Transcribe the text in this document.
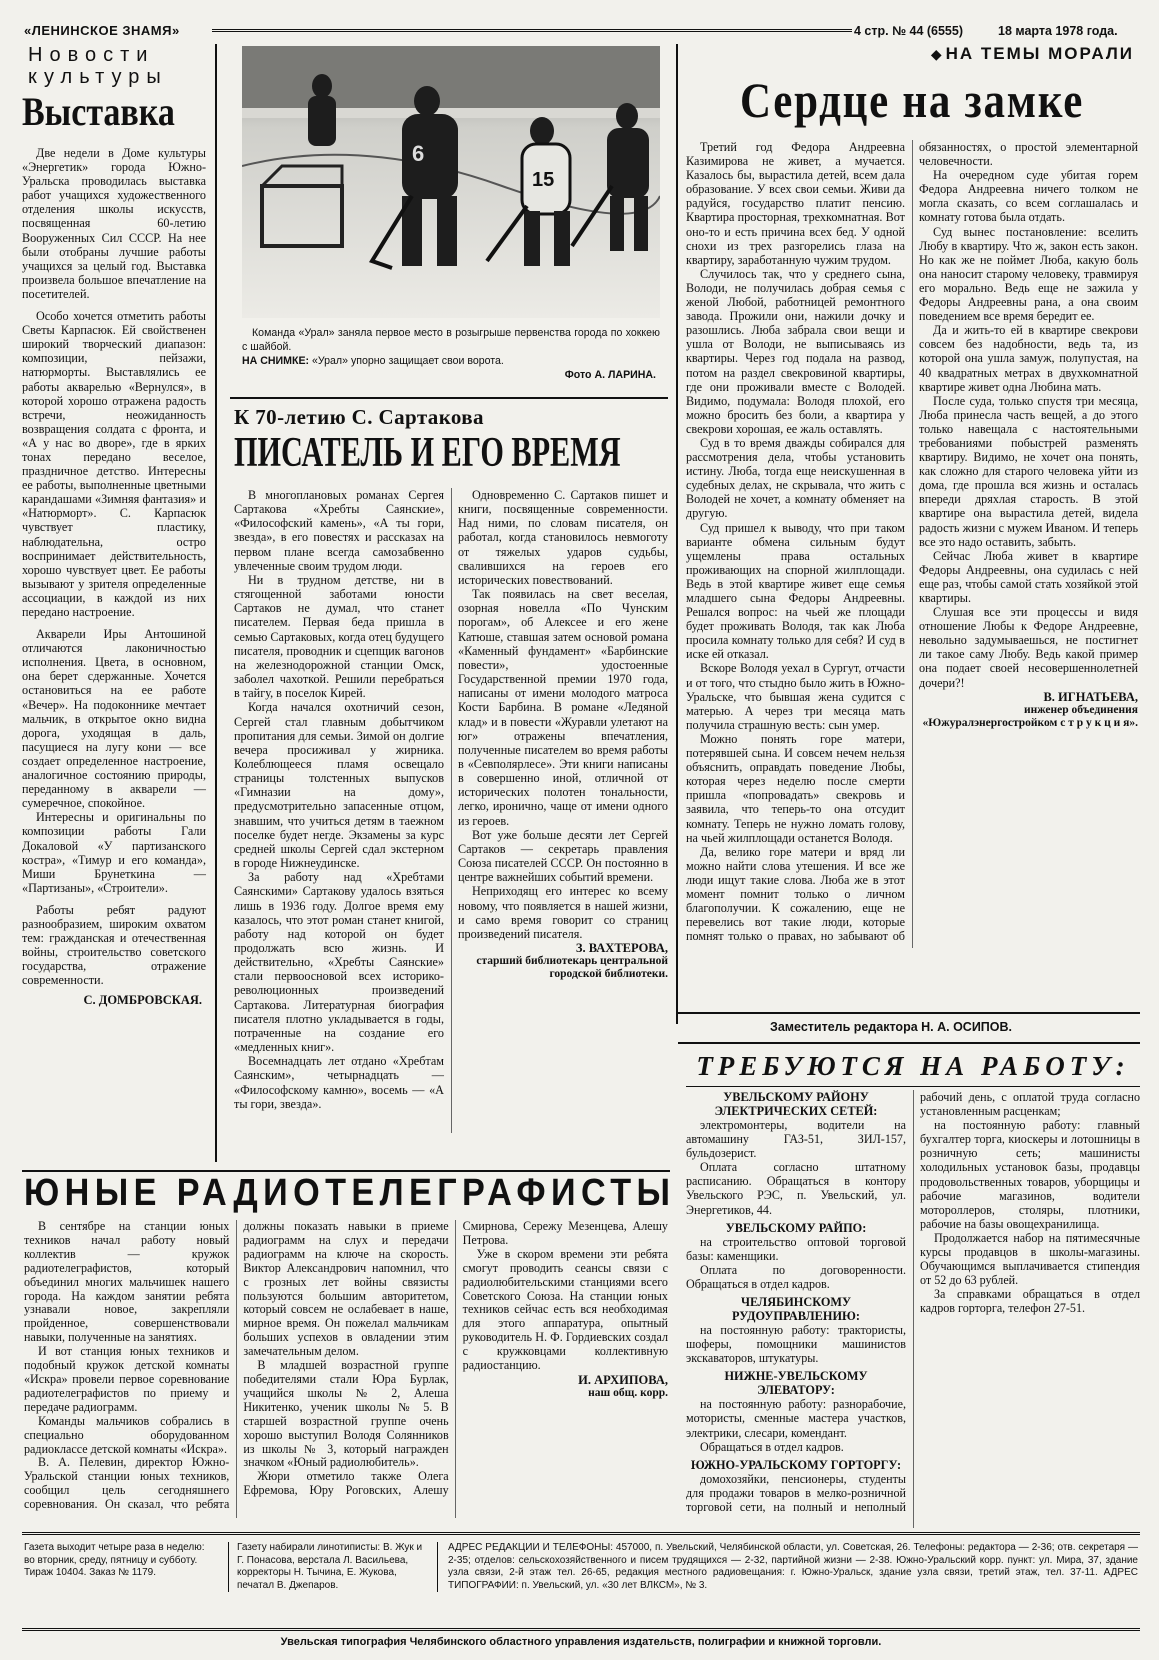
«ЛЕНИНСКОЕ ЗНАМЯ»	4 стр. № 44 (6555)	18 марта 1978 года.
Новости
культуры
Выставка

Две недели в Доме культуры «Энергетик» города Южно-Уральска проводилась выставка работ учащихся художественного отделения школы искусств, посвященная 60-летию Вооруженных Сил СССР. На нее были отобраны лучшие работы учащихся за целый год. Выставка произвела большое впечатление на посетителей.

Особо хочется отметить работы Светы Карпасюк. Ей свойственен широкий творческий диапазон: композиции, пейзажи, натюрморты. Выставлялись ее работы акварелью «Вернулся», в которой хорошо отражена радость встречи, неожиданность возвращения солдата с фронта, и «А у нас во дворе», где в ярких тонах передано веселое, праздничное детство. Интересны ее работы, выполненные цветными карандашами «Зимняя фантазия» и «Натюрморт». С. Карпасюк чувствует пластику, наблюдательна, остро воспринимает действительность, хорошо чувствует цвет. Ее работы вызывают у зрителя определенные ассоциации, в каждой из них передано настроение.

Акварели Иры Антошиной отличаются лаконичностью исполнения. Цвета, в основном, она берет сдержанные. Хочется остановиться на ее работе «Вечер». На подоконнике мечтает мальчик, в открытое окно видна дорога, уходящая в даль, пасущиеся на лугу кони — все создает определенное настроение, аналогичное состоянию природы, переданному в акварели — сумеречное, спокойное.

Интересны и оригинальны по композиции работы Гали Докаловой «У партизанского костра», «Тимур и его команда», Миши Брунеткина — «Партизаны», «Строители».

Работы ребят радуют разнообразием, широким охватом тем: гражданская и отечественная войны, строительство советского государства, отражение современности.

С. ДОМБРОВСКАЯ.
6
15

Команда «Урал» заняла первое место в розыгрыше первенства города по хоккею с шайбой.

НА СНИМКЕ: «Урал» упорно защищает свои ворота.

Фото А. ЛАРИНА.

К 70-летию С. Сартакова
ПИСАТЕЛЬ И ЕГО ВРЕМЯ

В многоплановых романах Сергея Сартакова «Хребты Саянские», «Философский камень», «А ты гори, звезда», в его повестях и рассказах на первом плане всегда самозабвенно увлеченные своим трудом люди.

Ни в трудном детстве, ни в стягощенной заботами юности Сартаков не думал, что станет писателем. Первая беда пришла в семью Сартаковых, когда отец будущего писателя, проводник и сцепщик вагонов на железнодорожной станции Омск, заболел чахоткой. Решили перебраться в тайгу, в поселок Кирей.

Когда начался охотничий сезон, Сергей стал главным добытчиком пропитания для семьи. Зимой он долгие вечера просиживал у жирника. Колеблющееся пламя освещало страницы толстенных выпусков «Гимназии на дому», предусмотрительно запасенные отцом, знавшим, что учиться детям в таежном поселке будет негде. Экзамены за курс средней школы Сергей сдал экстерном в городе Нижнеудинске.

За работу над «Хребтами Саянскими» Сартакову удалось взяться лишь в 1936 году. Долгое время ему казалось, что этот роман станет книгой, работу над которой он будет продолжать всю жизнь. И действительно, «Хребты Саянские» стали первоосновой всех историко-революционных произведений Сартакова. Литературная биография писателя плотно укладывается в годы, потраченные на создание его «медленных книг».

Восемнадцать лет отдано «Хребтам Саянским», четырнадцать — «Философскому камню», восемь — «А ты гори, звезда».

Одновременно С. Сартаков пишет и книги, посвященные современности. Над ними, по словам писателя, он работал, когда становилось невмоготу от тяжелых ударов судьбы, свалившихся на героев его исторических повествований.

Так появилась на свет веселая, озорная новелла «По Чунским порогам», об Алексее и его жене Катюше, ставшая затем основой романа «Каменный фундамент» «Барбинские повести», удостоенные Государственной премии 1970 года, написаны от имени молодого матроса Кости Барбина. В романе «Ледяной клад» и в повести «Журавли улетают на юг» отражены впечатления, полученные писателем во время работы в «Севполярлесе». Эти книги написаны в совершенно иной, отличной от исторических полотен тональности, легко, иронично, чаще от имени одного из героев.

Вот уже больше десяти лет Сергей Сартаков — секретарь правления Союза писателей СССР. Он постоянно в центре важнейших событий времени.

Неприходящ его интерес ко всему новому, что появляется в нашей жизни, и само время говорит со страниц произведений писателя.

З. ВАХТЕРОВА,
старший библиотекарь центральной городской библиотеки.
◆ НА ТЕМЫ МОРАЛИ
Сердце на замке

Третий год Федора Андреевна Казимирова не живет, а мучается. Казалось бы, вырастила детей, всем дала образование. У всех свои семьи. Живи да радуйся, государство платит пенсию. Квартира просторная, трехкомнатная. Вот оно-то и есть причина всех бед. У одной снохи из трех разгорелись глаза на квартиру, заработанную чужим трудом.

Случилось так, что у среднего сына, Володи, не получилась добрая семья с женой Любой, работницей ремонтного завода. Прожили они, нажили дочку и разошлись. Люба забрала свои вещи и ушла от Володи, не выписываясь из квартиры. Через год подала на развод, потом на раздел свекровиной квартиры, где они проживали вместе с Володей. Видимо, подумала: Володя плохой, его можно бросить без боли, а квартира у свекрови хорошая, ее жаль оставлять.

Суд в то время дважды собирался для рассмотрения дела, чтобы установить истину. Люба, тогда еще неискушенная в судебных делах, не скрывала, что жить с Володей не хочет, а комнату обменяет на другую.

Суд пришел к выводу, что при таком варианте обмена сильным будут ущемлены права остальных проживающих на спорной жилплощади. Ведь в этой квартире живет еще семья младшего сына Федоры Андреевны. Решался вопрос: на чьей же площади будет проживать Володя, так как Люба просила комнату только для себя? И суд в иске ей отказал.

Вскоре Володя уехал в Сургут, отчасти и от того, что стыдно было жить в Южно-Уральске, что бывшая жена судится с матерью. А через три месяца мать получила страшную весть: сын умер.

Можно понять горе матери, потерявшей сына. И совсем нечем нельзя объяснить, оправдать поведение Любы, которая через неделю после смерти пришла «попровадать» свекровь и заявила, что теперь-то она отсудит комнату. Теперь не нужно ломать голову, на чьей жилплощади останется Володя.

Да, велико горе матери и вряд ли можно найти слова утешения. И все же люди ищут такие слова. Люба же в этот момент помнит только о личном благополучии. К сожалению, еще не перевелись вот такие люди, которые помнят только о правах, но забывают об обязанностях, о простой элементарной человечности.

На очередном суде убитая горем Федора Андреевна ничего толком не могла сказать, со всем соглашалась и комнату готова была отдать.

Суд вынес постановление: вселить Любу в квартиру. Что ж, закон есть закон. Но как же не поймет Люба, какую боль она наносит старому человеку, травмируя его морально. Ведь еще не зажила у Федоры Андреевны рана, а она своим поведением все время бередит ее.

Да и жить-то ей в квартире свекрови совсем без надобности, ведь та, из которой она ушла замуж, полупустая, на 40 квадратных метрах в двухкомнатной квартире живет одна Любина мать.

После суда, только спустя три месяца, Люба принесла часть вещей, а до этого только навещала с настоятельными требованиями побыстрей разменять квартиру. Видимо, не хочет она понять, как сложно для старого человека уйти из дома, где прошла вся жизнь и осталась впереди дряхлая старость. В этой квартире она вырастила детей, видела радость жизни с мужем Иваном. И теперь все это надо оставить, забыть.

Сейчас Люба живет в квартире Федоры Андреевны, она судилась с ней еще раз, чтобы самой стать хозяйкой этой квартиры.

Слушая все эти процессы и видя отношение Любы к Федоре Андреевне, невольно задумываешься, не постигнет ли такое саму Любу. Ведь какой пример она подает своей несовершеннолетней дочери?!

В. ИГНАТЬЕВА,
инженер объединения «Южуралэнергостройком с т р у к ц и я».
Заместитель редактора Н. А. ОСИПОВ.
ТРЕБУЮТСЯ НА РАБОТУ:
УВЕЛЬСКОМУ РАЙОНУ ЭЛЕКТРИЧЕСКИХ СЕТЕЙ:

электромонтеры, водители на автомашину ГАЗ-51, ЗИЛ-157, бульдозерист.

Оплата согласно штатному расписанию. Обращаться в контору Увельского РЭС, п. Увельский, ул. Энергетиков, 44.

УВЕЛЬСКОМУ РАЙПО:

на строительство оптовой торговой базы: каменщики.

Оплата по договоренности. Обращаться в отдел кадров.

ЧЕЛЯБИНСКОМУ РУДОУПРАВЛЕНИЮ:

на постоянную работу: трактористы, шоферы, помощники машинистов экскаваторов, штукатуры.

НИЖНЕ-УВЕЛЬСКОМУ ЭЛЕВАТОРУ:

на постоянную работу: разнорабочие, мотористы, сменные мастера участков, электрики, слесари, комендант.

Обращаться в отдел кадров.

ЮЖНО-УРАЛЬСКОМУ ГОРТОРГУ:

домохозяйки, пенсионеры, студенты для продажи товаров в мелко-розничной торговой сети, на полный и неполный рабочий день, с оплатой труда согласно установленным расценкам;

на постоянную работу: главный бухгалтер торга, киоскеры и лотошницы в розничную сеть; машинисты холодильных установок базы, продавцы продовольственных товаров, уборщицы и рабочие магазинов, водители мотороллеров, столяры, плотники, рабочие на базы овощехранилища.

Продолжается набор на пятимесячные курсы продавцов в школы-магазины. Обучающимся выплачивается стипендия от 52 до 63 рублей.

За справками обращаться в отдел кадров горторга, телефон 27-51.

ЮНЫЕ РАДИОТЕЛЕГРАФИСТЫ

В сентябре на станции юных техников начал работу новый коллектив — кружок радиотелеграфистов, который объединил многих мальчишек нашего города. На каждом занятии ребята узнавали новое, закрепляли пройденное, совершенствовали навыки, полученные на занятиях.

И вот станция юных техников и подобный кружок детской комнаты «Искра» провели первое соревнование радиотелеграфистов по приему и передаче радиограмм.

Команды мальчиков собрались в специально оборудованном радиоклассе детской комнаты «Искра».

В. А. Пелевин, директор Южно-Уральской станции юных техников, сообщил цель сегодняшнего соревнования. Он сказал, что ребята должны показать навыки в приеме радиограмм на слух и передачи радиограмм на ключе на скорость. Виктор Александрович напомнил, что с грозных лет войны связисты пользуются большим авторитетом, который совсем не ослабевает в наше, мирное время. Он пожелал мальчикам больших успехов в овладении этим замечательным делом.

В младшей возрастной группе победителями стали Юра Бурлак, учащийся школы № 2, Алеша Никитенко, ученик школы № 5. В старшей возрастной группе очень хорошо выступил Володя Солянников из школы № 3, который награжден значком «Юный радиолюбитель».

Жюри отметило также Олега Ефремова, Юру Роговских, Алешу Смирнова, Сережу Мезенцева, Алешу Петрова.

Уже в скором времени эти ребята смогут проводить сеансы связи с радиолюбительскими станциями всего Советского Союза. На станции юных техников сейчас есть вся необходимая для этого аппаратура, опытный руководитель Н. Ф. Гордиевских создал с кружковцами коллективную радиостанцию.

И. АРХИПОВА,
наш общ. корр.
Газета выходит четыре раза в неделю: во вторник, среду, пятницу и субботу. Тираж 10404. Заказ № 1179.
Газету набирали линотиписты: В. Жук и Г. Понасова, верстала Л. Васильева, корректоры Н. Тычина, Е. Жукова, печатал В. Джепаров.
АДРЕС РЕДАКЦИИ И ТЕЛЕФОНЫ: 457000, п. Увельский, Челябинской области, ул. Советская, 26. Телефоны: редактора — 2-36; отв. секретаря — 2-35; отделов: сельскохозяйственного и писем трудящихся — 2-32, партийной жизни — 2-38. Южно-Уральский корр. пункт: ул. Мира, 37, здание узла связи, 2-й этаж тел. 26-65, редакция местного радиовещания: г. Южно-Уральск, здание узла связи, третий этаж, тел. 37-11. АДРЕС ТИПОГРАФИИ: п. Увельский, ул. «30 лет ВЛКСМ», № 3.
Увельская типография Челябинского областного управления издательств, полиграфии и книжной торговли.
